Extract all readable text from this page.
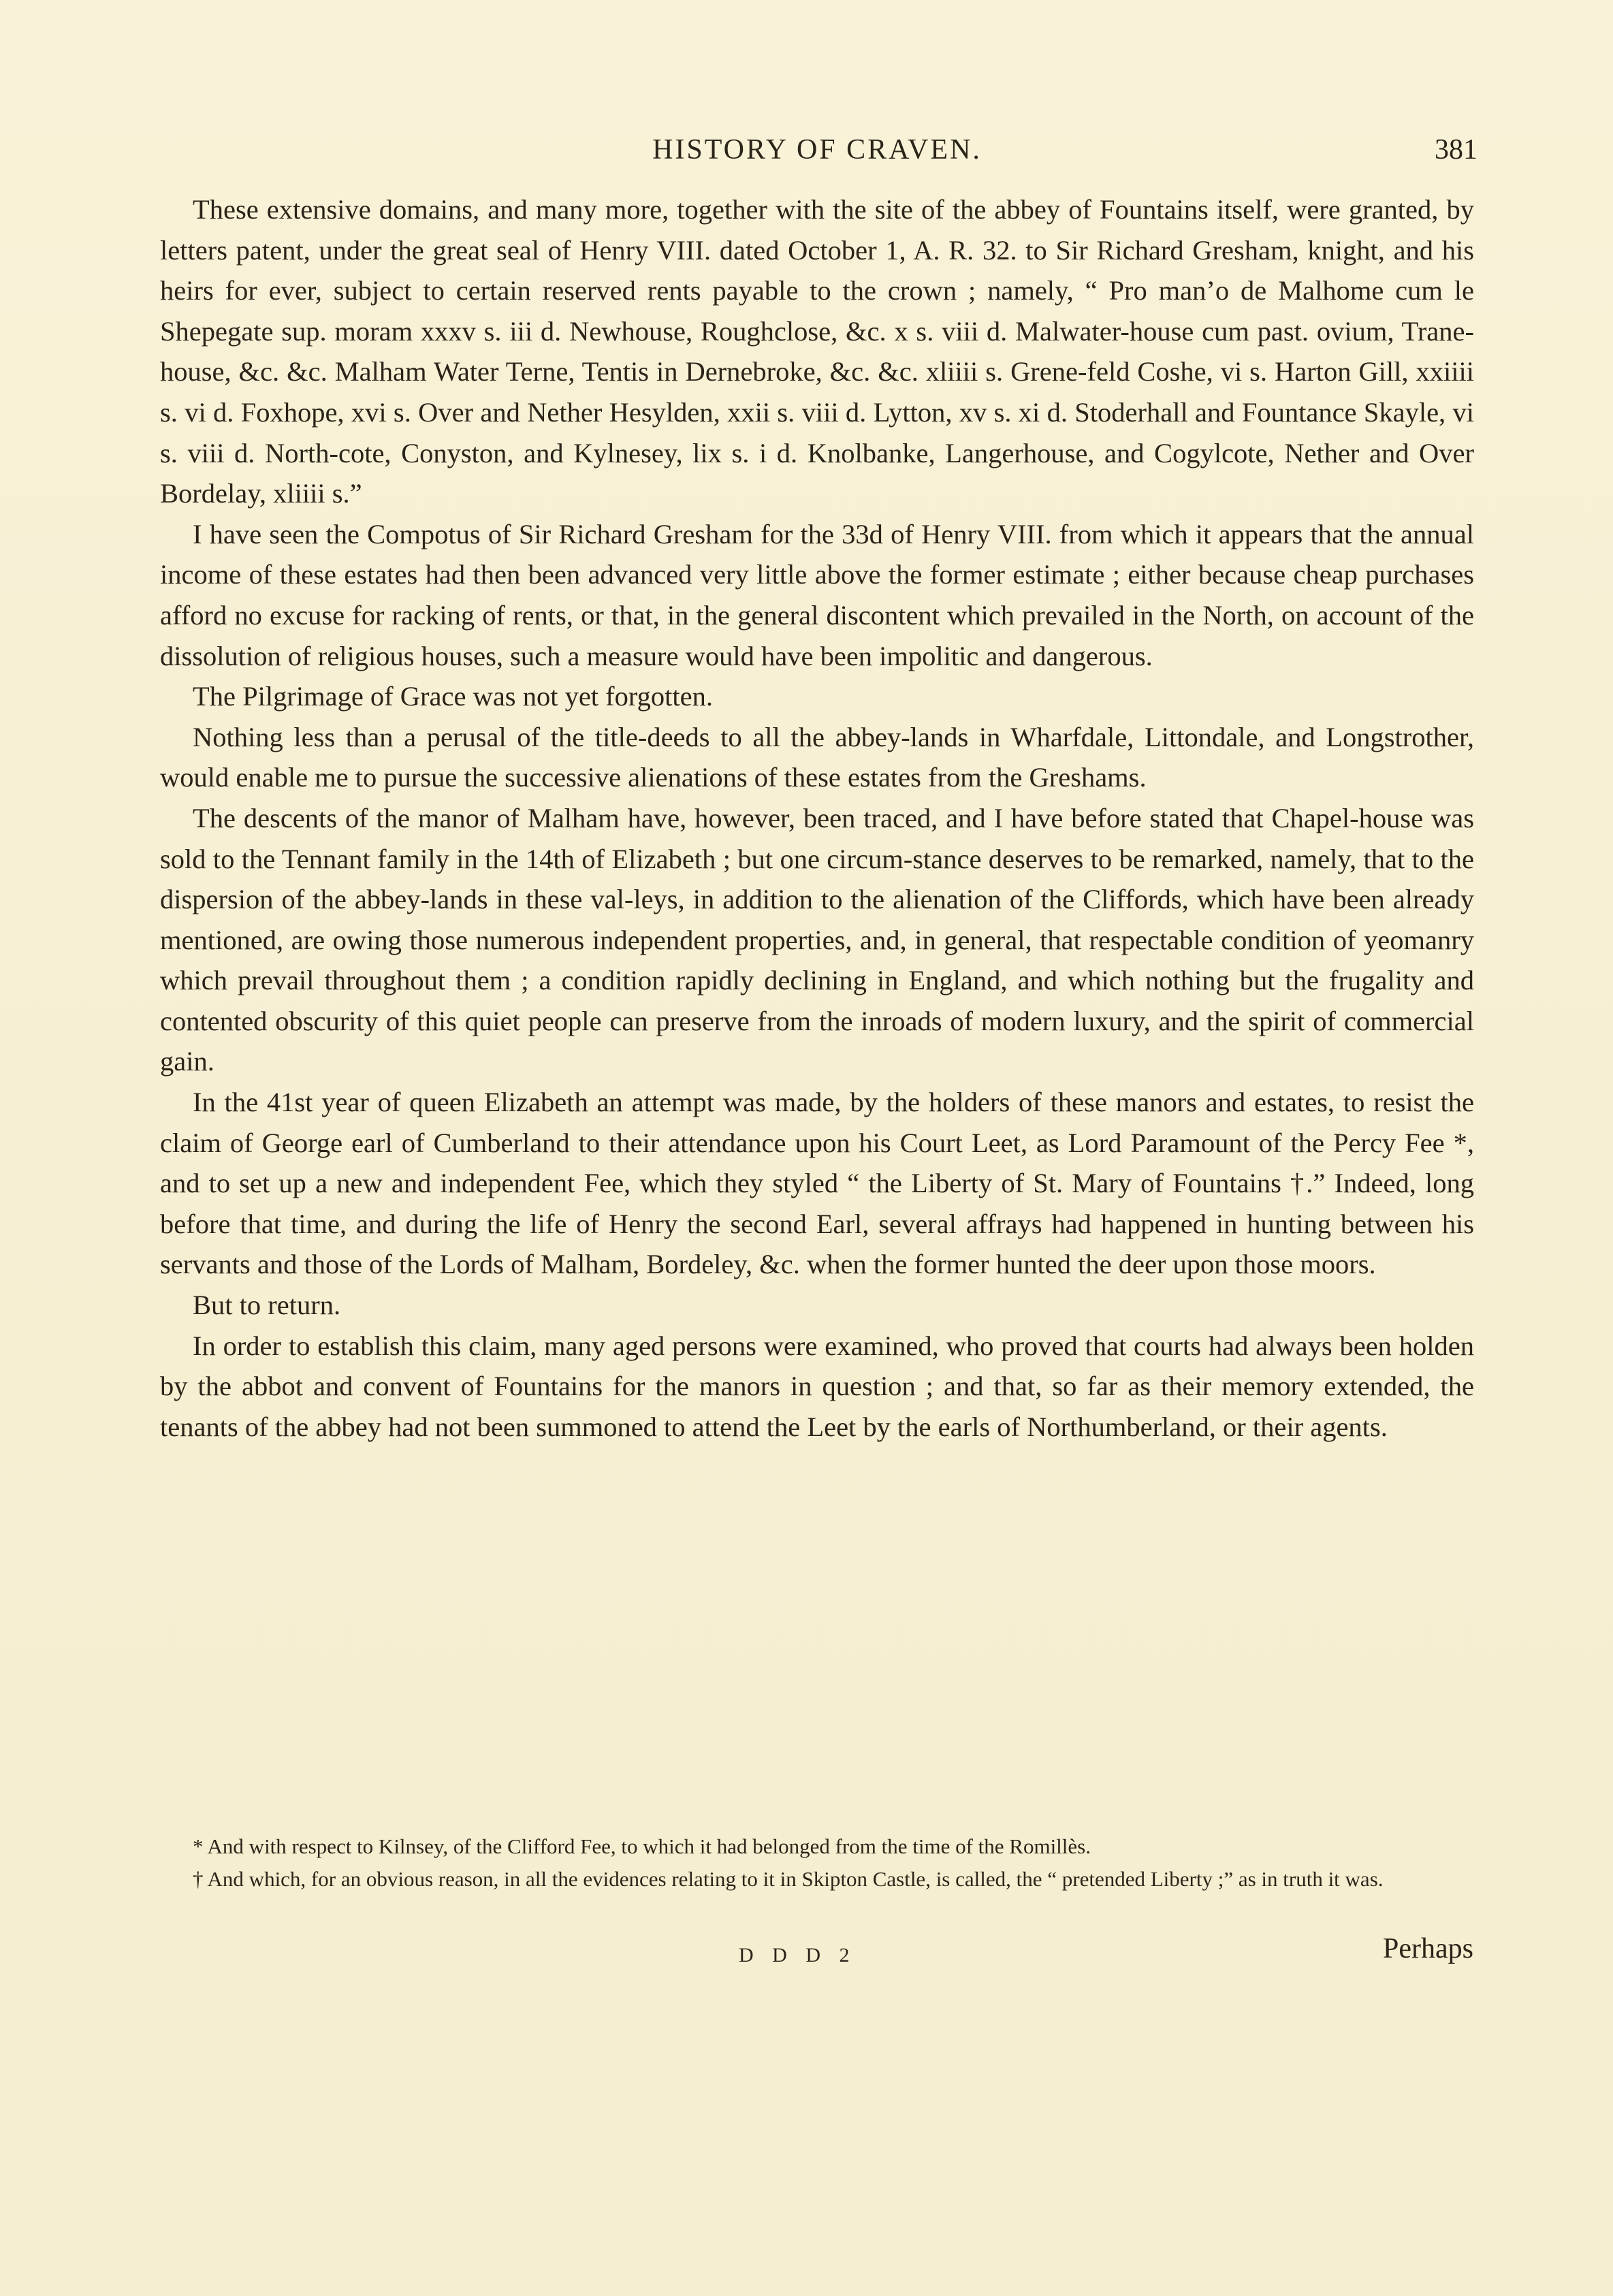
HISTORY OF CRAVEN.	381

These extensive domains, and many more, together with the site of the abbey of Fountains itself, were granted, by letters patent, under the great seal of Henry VIII. dated October 1, A. R. 32. to Sir Richard Gresham, knight, and his heirs for ever, subject to certain reserved rents payable to the crown ; namely, “ Pro man’o de Malhome cum le Shepegate sup. moram xxxv s. iii d. Newhouse, Roughclose, &c. x s. viii d. Malwater-house cum past. ovium, Trane-house, &c. &c. Malham Water Terne, Tentis in Dernebroke, &c. &c. xliiii s. Grene-feld Coshe, vi s. Harton Gill, xxiiii s. vi d. Foxhope, xvi s. Over and Nether Hesylden, xxii s. viii d. Lytton, xv s. xi d. Stoderhall and Fountance Skayle, vi s. viii d. North-cote, Conyston, and Kylnesey, lix s. i d. Knolbanke, Langerhouse, and Cogylcote, Nether and Over Bordelay, xliiii s.”

I have seen the Compotus of Sir Richard Gresham for the 33d of Henry VIII. from which it appears that the annual income of these estates had then been advanced very little above the former estimate ; either because cheap purchases afford no excuse for racking of rents, or that, in the general discontent which prevailed in the North, on account of the dissolution of religious houses, such a measure would have been impolitic and dangerous.

The Pilgrimage of Grace was not yet forgotten.

Nothing less than a perusal of the title-deeds to all the abbey-lands in Wharfdale, Littondale, and Longstrother, would enable me to pursue the successive alienations of these estates from the Greshams.

The descents of the manor of Malham have, however, been traced, and I have before stated that Chapel-house was sold to the Tennant family in the 14th of Elizabeth ; but one circum-stance deserves to be remarked, namely, that to the dispersion of the abbey-lands in these val-leys, in addition to the alienation of the Cliffords, which have been already mentioned, are owing those numerous independent properties, and, in general, that respectable condition of yeomanry which prevail throughout them ; a condition rapidly declining in England, and which nothing but the frugality and contented obscurity of this quiet people can preserve from the inroads of modern luxury, and the spirit of commercial gain.

In the 41st year of queen Elizabeth an attempt was made, by the holders of these manors and estates, to resist the claim of George earl of Cumberland to their attendance upon his Court Leet, as Lord Paramount of the Percy Fee *, and to set up a new and independent Fee, which they styled “ the Liberty of St. Mary of Fountains †.” Indeed, long before that time, and during the life of Henry the second Earl, several affrays had happened in hunting between his servants and those of the Lords of Malham, Bordeley, &c. when the former hunted the deer upon those moors.

But to return.

In order to establish this claim, many aged persons were examined, who proved that courts had always been holden by the abbot and convent of Fountains for the manors in question ; and that, so far as their memory extended, the tenants of the abbey had not been summoned to attend the Leet by the earls of Northumberland, or their agents.

* And with respect to Kilnsey, of the Clifford Fee, to which it had belonged from the time of the Romillès.

† And which, for an obvious reason, in all the evidences relating to it in Skipton Castle, is called, the “ pretended Liberty ;” as in truth it was.

D D D 2	Perhaps
